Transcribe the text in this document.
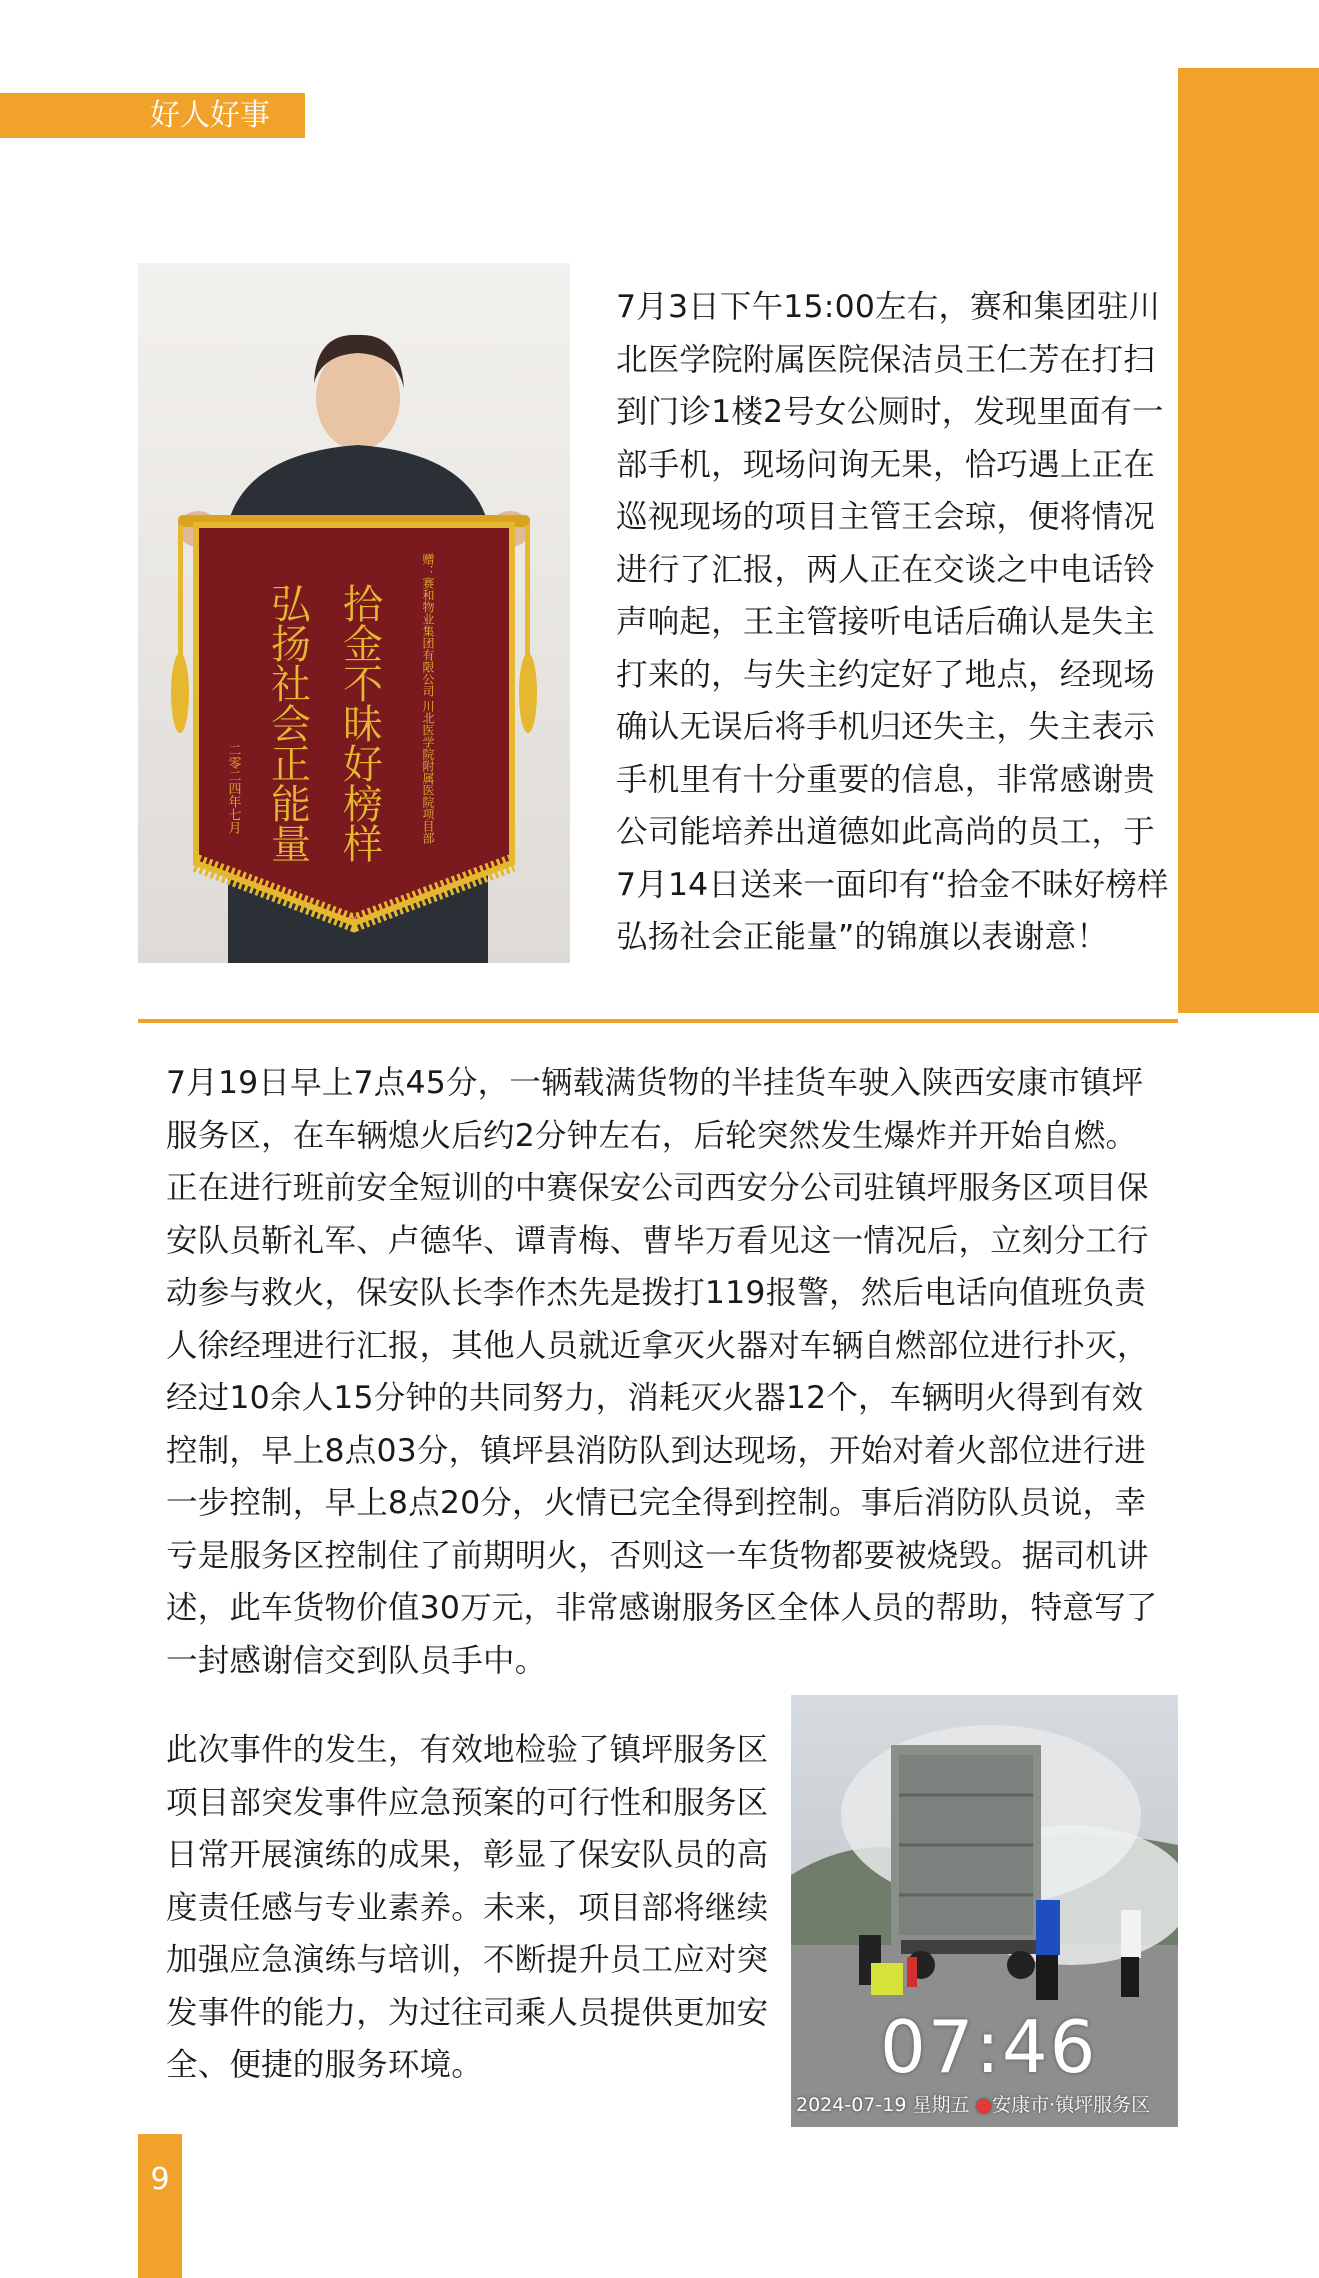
好人好事
拾金不昧好榜样
弘扬社会正能量	赠：赛和物业集团有限公司 川北医学院附属医院项目部
二零二四年七月

7月3日下午15:00左右，赛和集团驻川北医学院附属医院保洁员王仁芳在打扫到门诊1楼2号女公厕时，发现里面有一部手机，现场问询无果，恰巧遇上正在巡视现场的项目主管王会琼，便将情况进行了汇报，两人正在交谈之中电话铃声响起，王主管接听电话后确认是失主打来的，与失主约定好了地点，经现场确认无误后将手机归还失主，失主表示手机里有十分重要的信息，非常感谢贵公司能培养出道德如此高尚的员工，于7月14日送来一面印有“拾金不昧好榜样 弘扬社会正能量”的锦旗以表谢意！

7月19日早上7点45分，一辆载满货物的半挂货车驶入陕西安康市镇坪服务区，在车辆熄火后约2分钟左右，后轮突然发生爆炸并开始自燃。正在进行班前安全短训的中赛保安公司西安分公司驻镇坪服务区项目保安队员靳礼军、卢德华、谭青梅、曹毕万看见这一情况后，立刻分工行动参与救火，保安队长李作杰先是拨打119报警，然后电话向值班负责人徐经理进行汇报，其他人员就近拿灭火器对车辆自燃部位进行扑灭，经过10余人15分钟的共同努力，消耗灭火器12个，车辆明火得到有效控制，早上8点03分，镇坪县消防队到达现场，开始对着火部位进行进一步控制，早上8点20分，火情已完全得到控制。事后消防队员说，幸亏是服务区控制住了前期明火，否则这一车货物都要被烧毁。据司机讲述，此车货物价值30万元，非常感谢服务区全体人员的帮助，特意写了一封感谢信交到队员手中。

此次事件的发生，有效地检验了镇坪服务区项目部突发事件应急预案的可行性和服务区日常开展演练的成果，彰显了保安队员的高度责任感与专业素养。未来，项目部将继续加强应急演练与培训，不断提升员工应对突发事件的能力，为过往司乘人员提供更加安全、便捷的服务环境。	07:46
2024-07-19 星期五 ●安康市·镇坪服务区
9
